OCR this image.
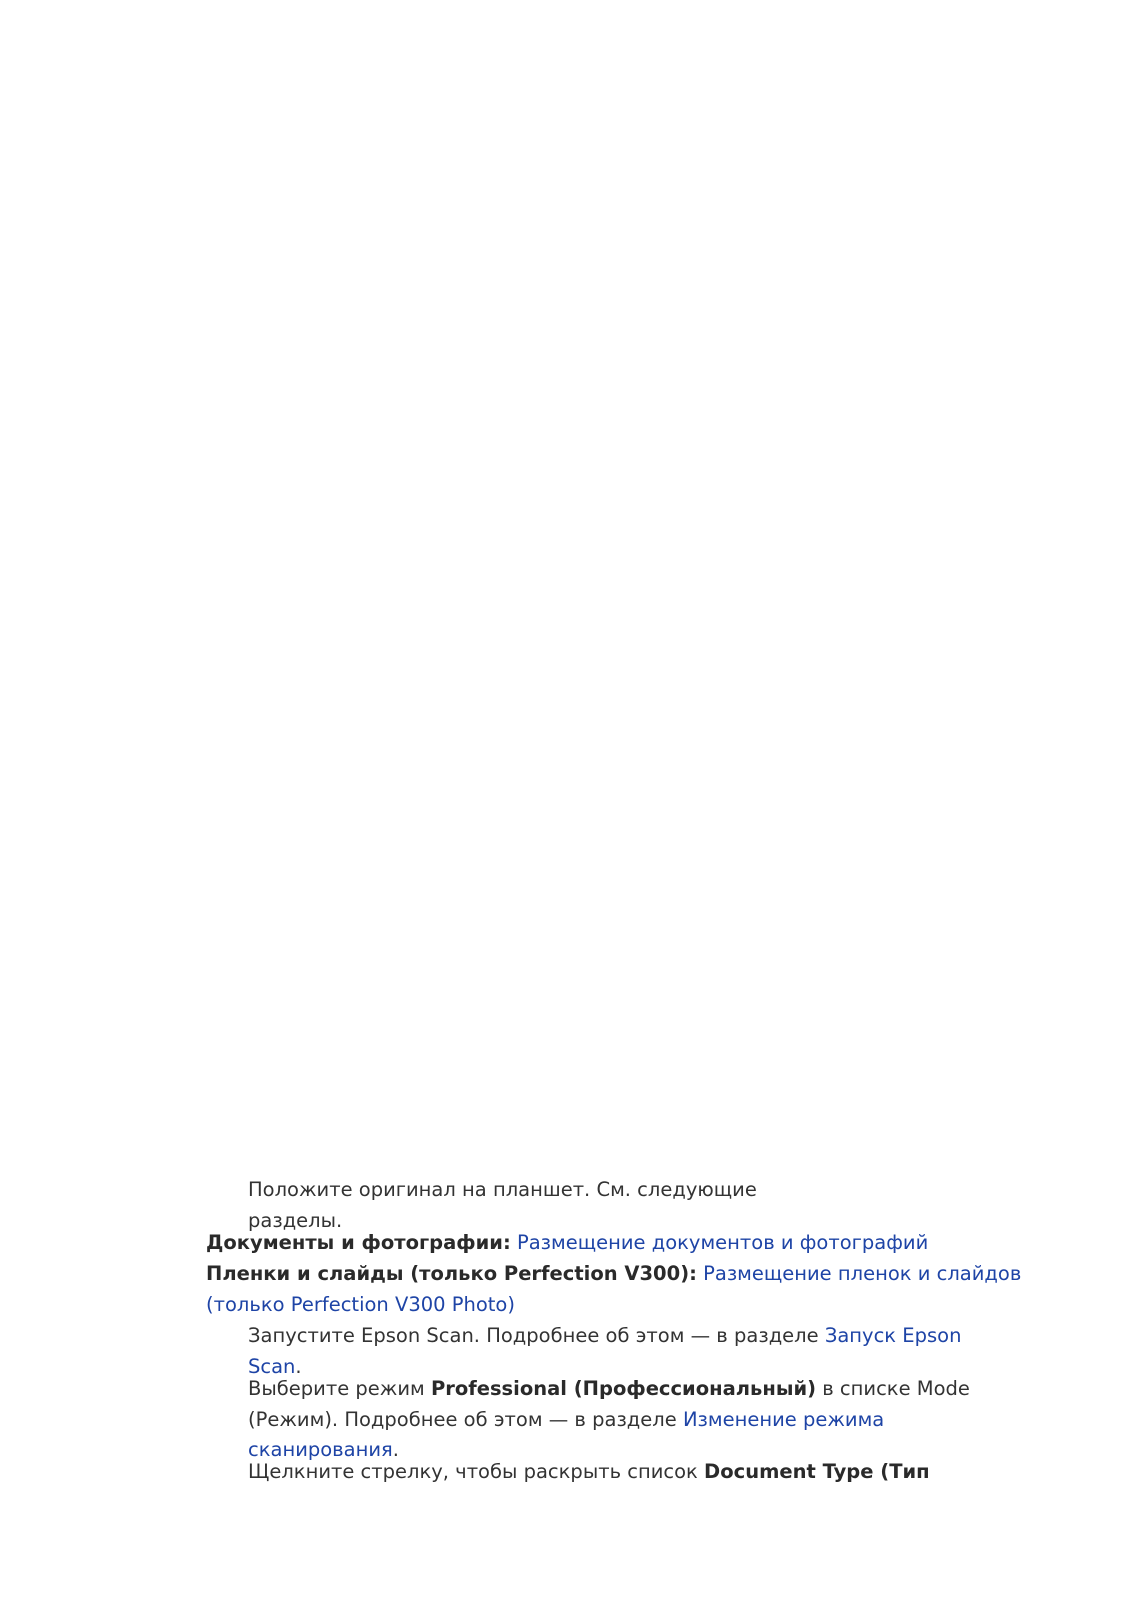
Положите оригинал на планшет. См. следующие
разделы.
Документы и фотографии: Размещение документов и фотографий
Пленки и слайды (только Perfection V300): Размещение пленок и слайдов
(только Perfection V300 Photo)
Запустите Epson Scan. Подробнее об этом — в разделе Запуск Epson
Scan.
Выберите режим Professional (Профессиональный) в списке Mode
(Режим). Подробнее об этом — в разделе Изменение режима
сканирования.
Щелкните стрелку, чтобы раскрыть список Document Type (Тип
